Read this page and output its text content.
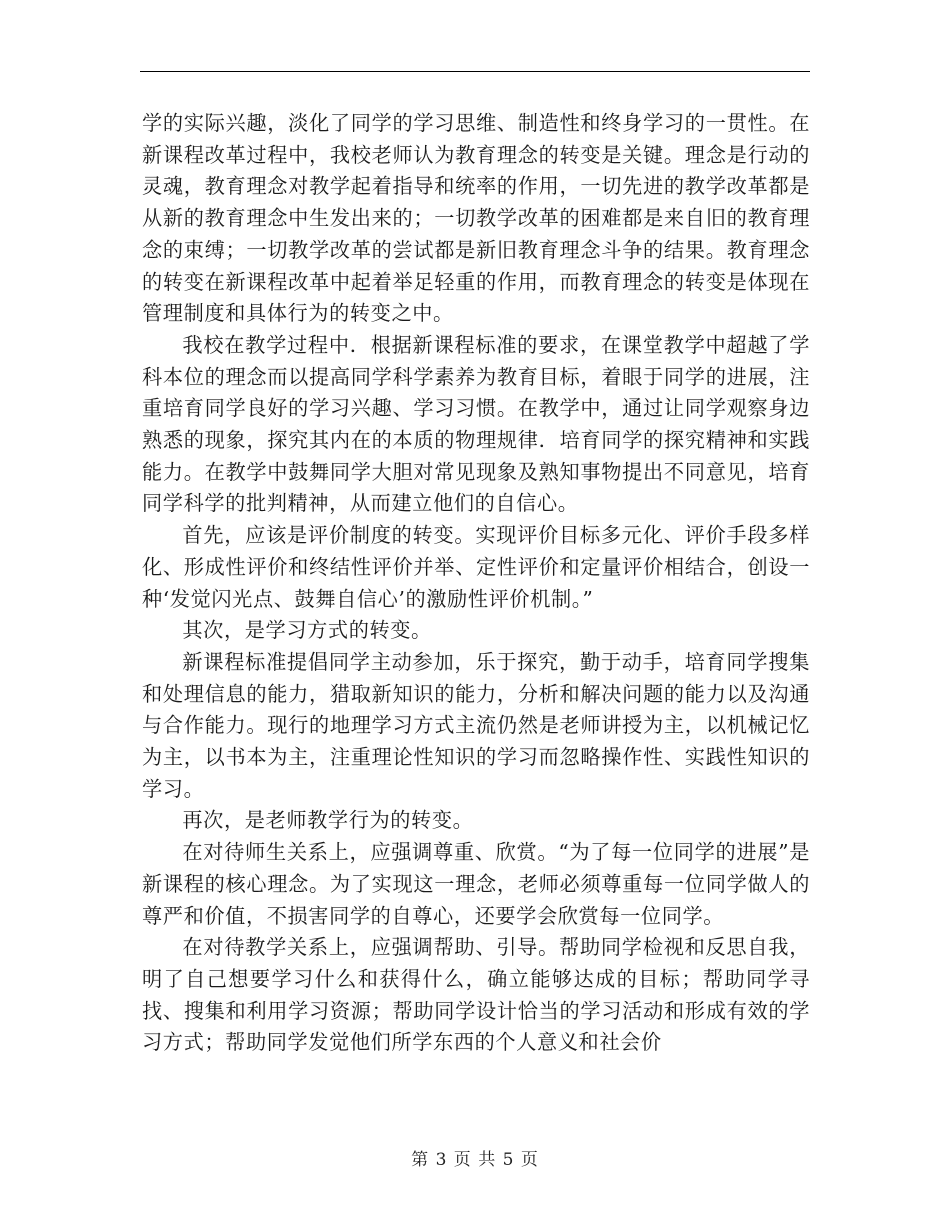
学的实际兴趣，淡化了同学的学习思维、制造性和终身学习的一贯性。在新课程改革过程中，我校老师认为教育理念的转变是关键。理念是行动的灵魂，教育理念对教学起着指导和统率的作用，一切先进的教学改革都是从新的教育理念中生发出来的；一切教学改革的困难都是来自旧的教育理念的束缚；一切教学改革的尝试都是新旧教育理念斗争的结果。教育理念的转变在新课程改革中起着举足轻重的作用，而教育理念的转变是体现在管理制度和具体行为的转变之中。

我校在教学过程中．根据新课程标准的要求，在课堂教学中超越了学科本位的理念而以提高同学科学素养为教育目标，着眼于同学的进展，注重培育同学良好的学习兴趣、学习习惯。在教学中，通过让同学观察身边熟悉的现象，探究其内在的本质的物理规律．培育同学的探究精神和实践能力。在教学中鼓舞同学大胆对常见现象及熟知事物提出不同意见，培育同学科学的批判精神，从而建立他们的自信心。

首先，应该是评价制度的转变。实现评价目标多元化、评价手段多样化、形成性评价和终结性评价并举、定性评价和定量评价相结合，创设一种‘发觉闪光点、鼓舞自信心’的激励性评价机制。”

其次，是学习方式的转变。

新课程标准提倡同学主动参加，乐于探究，勤于动手，培育同学搜集和处理信息的能力，猎取新知识的能力，分析和解决问题的能力以及沟通与合作能力。现行的地理学习方式主流仍然是老师讲授为主，以机械记忆为主，以书本为主，注重理论性知识的学习而忽略操作性、实践性知识的学习。

再次，是老师教学行为的转变。

在对待师生关系上，应强调尊重、欣赏。“为了每一位同学的进展”是新课程的核心理念。为了实现这一理念，老师必须尊重每一位同学做人的尊严和价值，不损害同学的自尊心，还要学会欣赏每一位同学。

在对待教学关系上，应强调帮助、引导。帮助同学检视和反思自我，明了自己想要学习什么和获得什么，确立能够达成的目标；帮助同学寻找、搜集和利用学习资源；帮助同学设计恰当的学习活动和形成有效的学习方式；帮助同学发觉他们所学东西的个人意义和社会价

第 3 页 共 5 页
